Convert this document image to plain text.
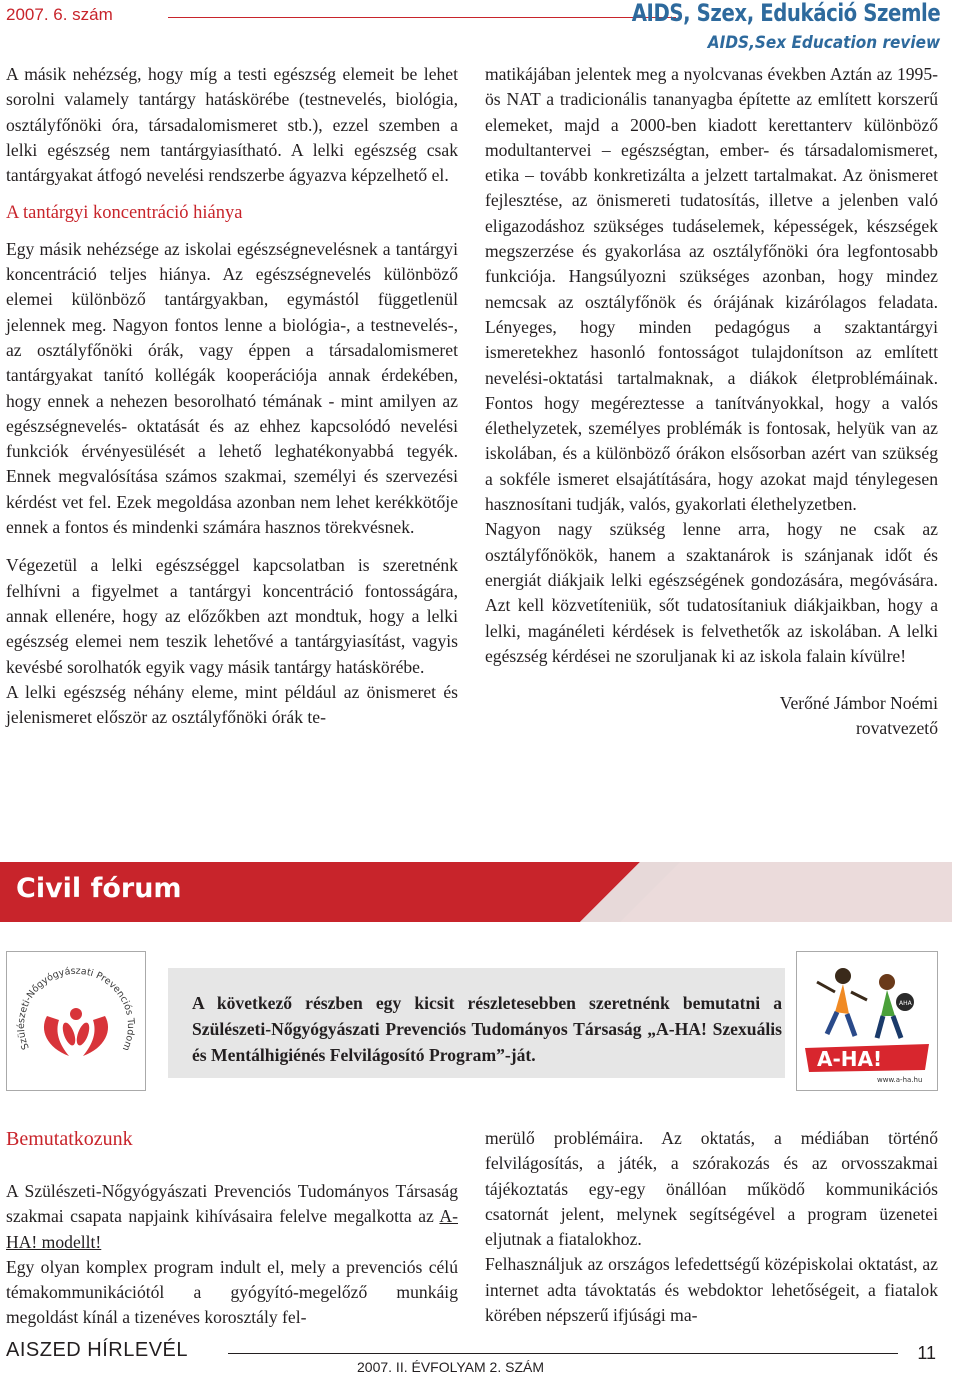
2007. 6. szám	AIDS, Szex, Edukáció Szemle
AIDS,Sex Education review

A másik nehézség, hogy míg a testi egészség elemeit be lehet sorolni valamely tantárgy hatáskörébe (testnevelés, biológia, osztályfőnöki óra, társadalomismeret stb.), ezzel szemben a lelki egészség nem tantárgyiasítható. A lelki egészség csak tantárgyakat átfogó nevelési rendszerbe ágyazva képzelhető el.

A tantárgyi koncentráció hiánya

Egy másik nehézsége az iskolai egészségnevelésnek a tantárgyi koncentráció teljes hiánya. Az egészségnevelés különböző elemei különböző tantárgyakban, egymástól függetlenül jelennek meg. Nagyon fontos lenne a biológia-, a testnevelés-, az osztályfőnöki órák, vagy éppen a társadalomismeret tantárgyakat tanító kollégák kooperációja annak érdekében, hogy ennek a nehezen besorolható témának - mint amilyen az egészségnevelés- oktatását és az ehhez kapcsolódó nevelési funkciók érvényesülését a lehető leghatékonyabbá tegyék. Ennek megvalósítása számos szakmai, személyi és szervezési kérdést vet fel. Ezek megoldása azonban nem lehet kerékkötője ennek a fontos és mindenki számára hasznos törekvésnek.

Végezetül a lelki egészséggel kapcsolatban is szeretnénk felhívni a figyelmet a tantárgyi koncentráció fontosságára, annak ellenére, hogy az előzőkben azt mondtuk, hogy a lelki egészség elemei nem teszik lehetővé a tantárgyiasítást, vagyis kevésbé sorolhatók egyik vagy másik tantárgy hatáskörébe.

A lelki egészség néhány eleme, mint például az önismeret és jelenismeret először az osztályfőnöki órák te-

matikájában jelentek meg a nyolcvanas években Aztán az 1995-ös NAT a tradicionális tananyagba építette az említett korszerű elemeket, majd a 2000-ben kiadott kerettanterv különböző modultantervei – egészségtan, ember- és társadalomismeret, etika – tovább konkretizálta a jelzett tartalmakat. Az önismeret fejlesztése, az önismereti tudatosítás, illetve a jelenben való eligazodáshoz szükséges tudáselemek, képességek, készségek megszerzése és gyakorlása az osztályfőnöki óra legfontosabb funkciója. Hangsúlyozni szükséges azonban, hogy mindez nemcsak az osztályfőnök és órájának kizárólagos feladata. Lényeges, hogy minden pedagógus a szaktantárgyi ismeretekhez hasonló fontosságot tulajdonítson az említett nevelési-oktatási tartalmaknak, a diákok életproblémáinak. Fontos hogy megéreztesse a tanítványokkal, hogy a valós élethelyzetek, személyes problémák is fontosak, helyük van az iskolában, és a különböző órákon elsősorban azért van szükség a sokféle ismeret elsajátítására, hogy azokat majd ténylegesen hasznosítani tudják, valós, gyakorlati élethelyzetben.

Nagyon nagy szükség lenne arra, hogy ne csak az osztályfőnökök, hanem a szaktanárok is szánjanak időt és energiát diákjaik lelki egészségének gondozására, megóvására. Azt kell közvetíteniük, sőt tudatosítaniuk diákjaikban, hogy a lelki, magánéleti kérdések is felvethetők az iskolában. A lelki egészség kérdései ne szoruljanak ki az iskola falain kívülre!

Verőné Jámbor Noémi
rovatvezető

Civil fórum
Szülészeti-Nőgyógyászati Prevenciós Tudom
A következő részben egy kicsit részletesebben szeretnénk bemutatni a Szülészeti-Nőgyógyászati Prevenciós Tudományos Társaság „A-HA! Szexuális és Mentálhigiénés Felvilágosító Program”-ját.
AHA
A-HA!
www.a-ha.hu
Bemutatkozunk

A Szülészeti-Nőgyógyászati Prevenciós Tudományos Társaság szakmai csapata napjaink kihívásaira felelve megalkotta az A-HA! modellt!

Egy olyan komplex program indult el, mely a prevenciós célú témakommunikációtól a gyógyító-megelőző munkáig megoldást kínál a tizenéves korosztály fel-

merülő problémáira. Az oktatás, a médiában történő felvilágosítás, a játék, a szórakozás és az orvosszakmai tájékoztatás egy-egy önállóan működő kommunikációs csatornát jelent, melynek segítségével a program üzenetei eljutnak a fiatalokhoz.

Felhasználjuk az országos lefedettségű középiskolai oktatást, az internet adta távoktatás és webdoktor lehetőségeit, a fiatalok körében népszerű ifjúsági ma-

AISZED HÍRLEVÉL
2007. II. ÉVFOLYAM 2. SZÁM
11
